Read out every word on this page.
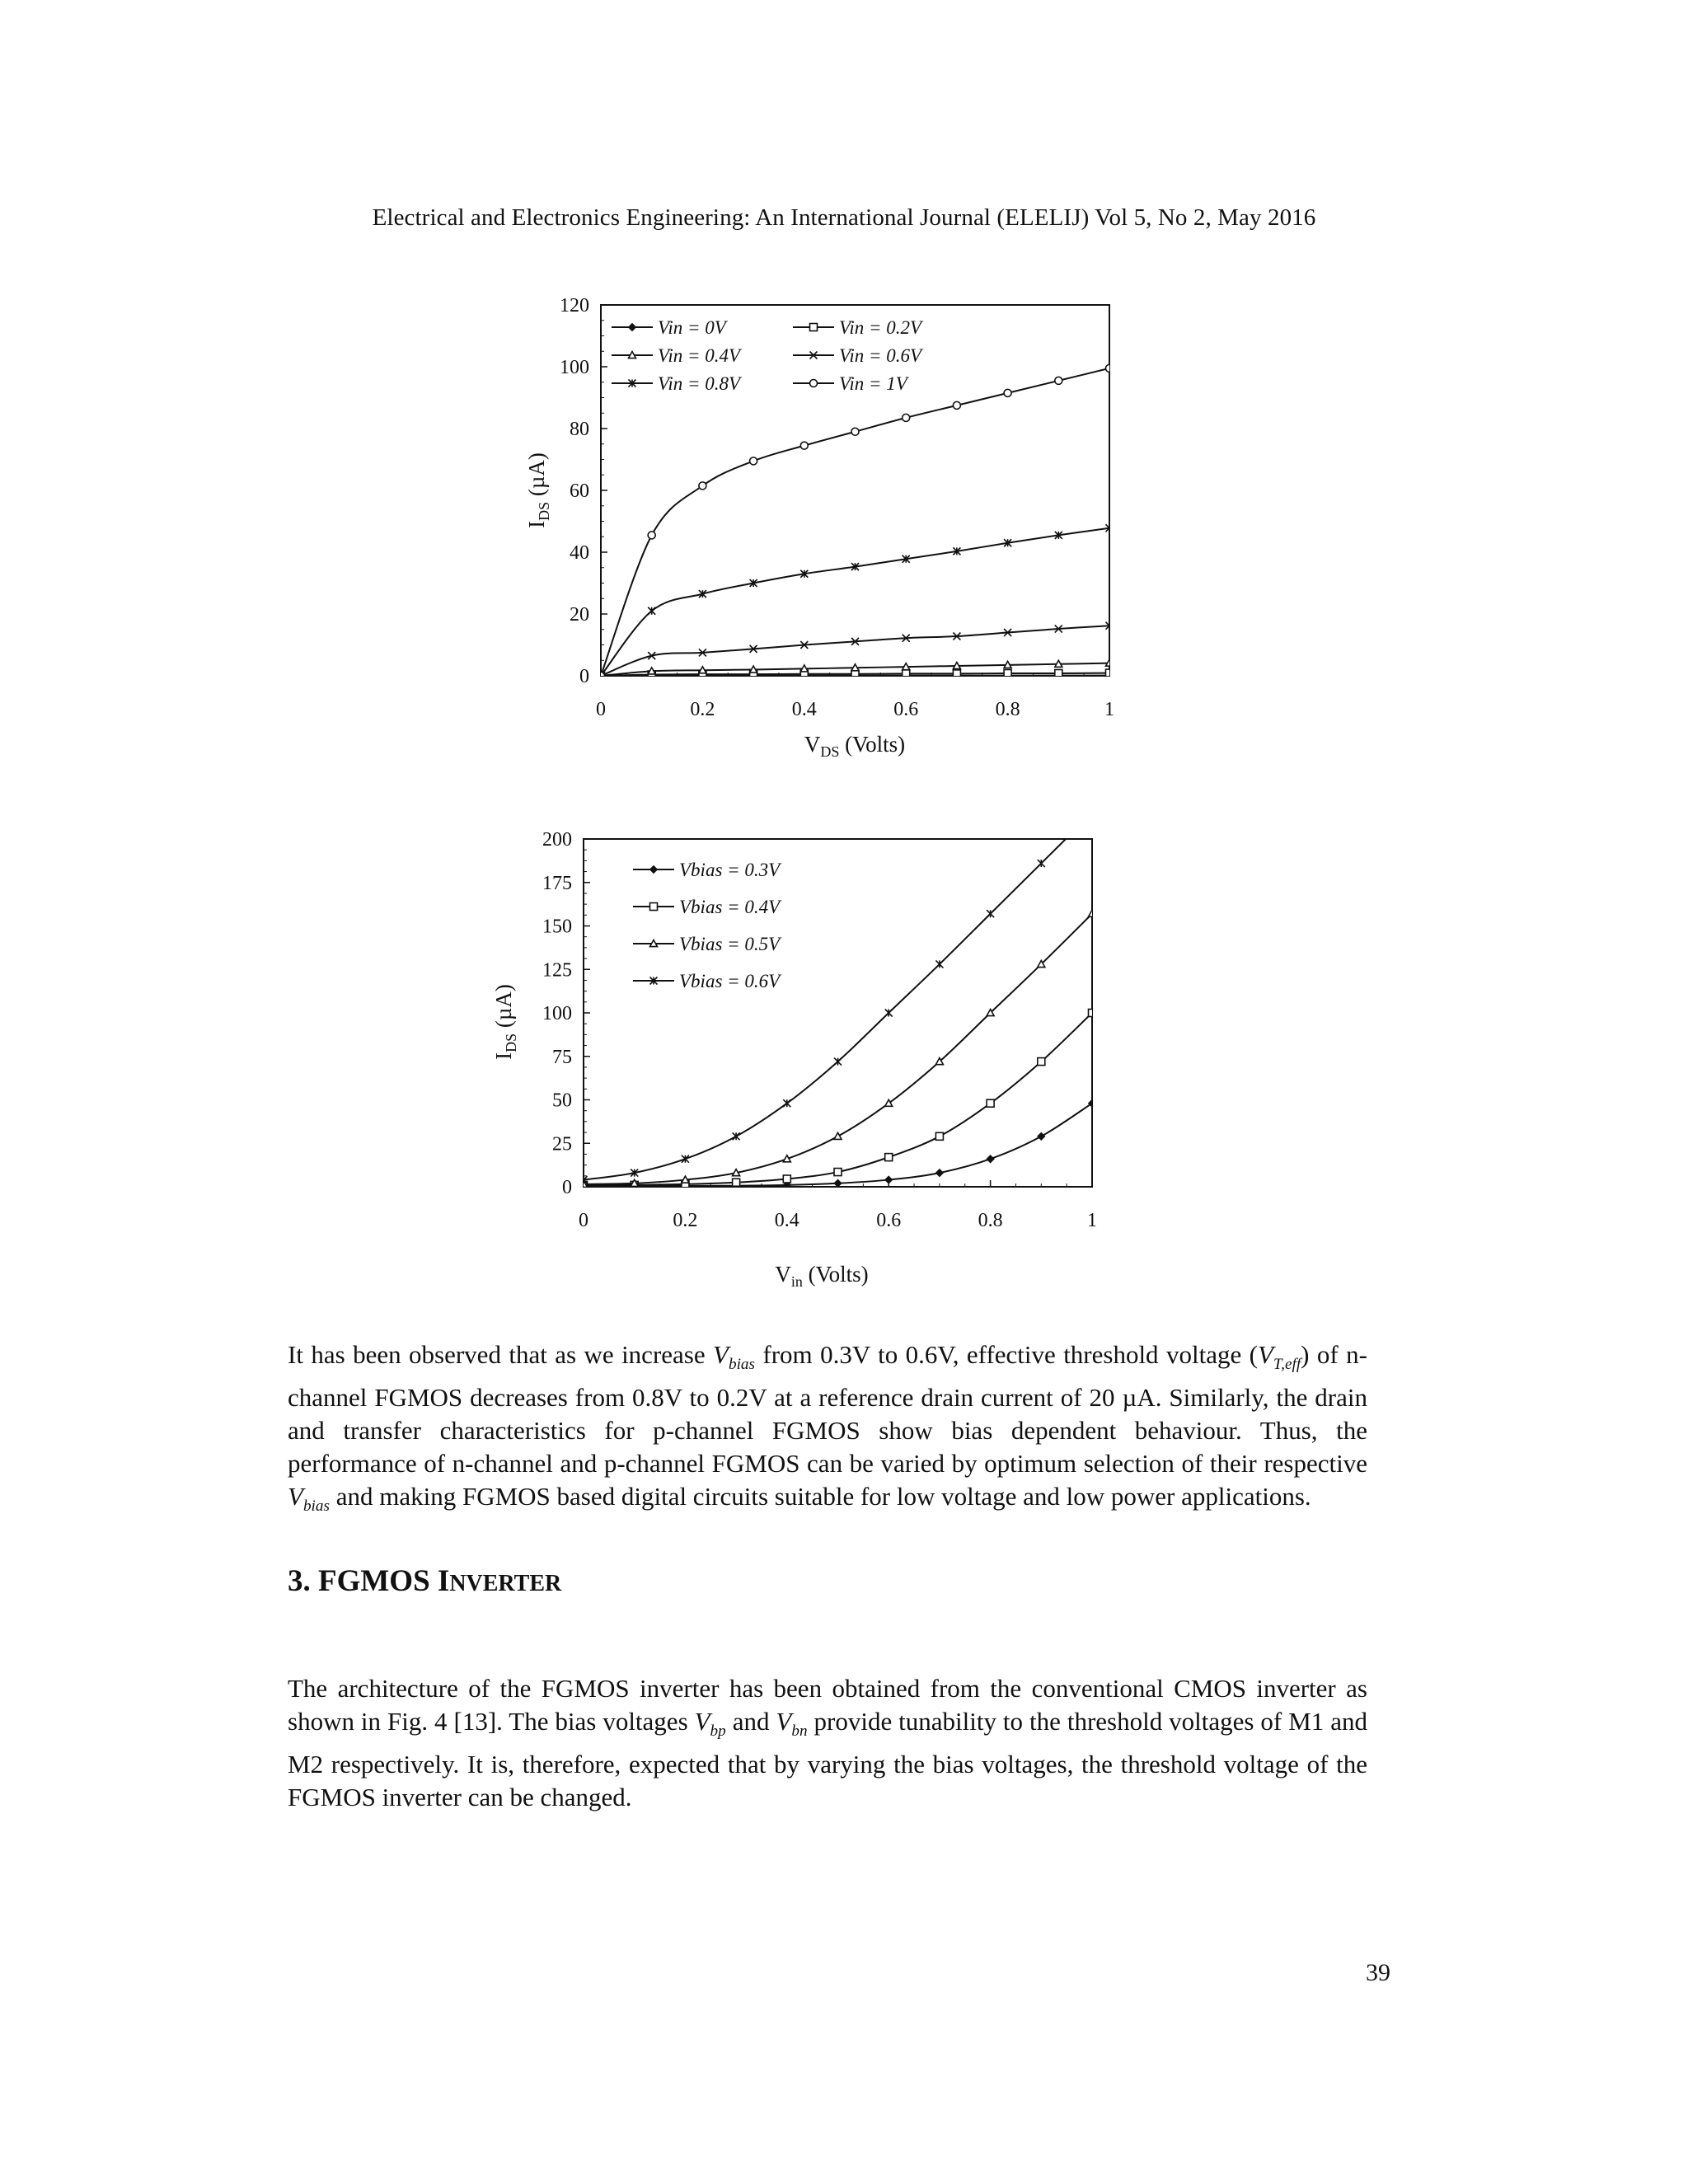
Electrical and Electronics Engineering: An International Journal (ELELIJ) Vol 5, No 2, May 2016
0
20
40
60
80
100
120
0	0.2	0.4	0.6	0.8	1
Vin = 0V	Vin = 0.2V
Vin = 0.4V	Vin = 0.6V
Vin = 0.8V	Vin = 1V
$V_{DS}$ (Volts)
$I_{DS}$ (µA)
0
25
50
75
100
125
150
175
200
0	0.2	0.4	0.6	0.8	1
Vbias = 0.3V
Vbias = 0.4V
Vbias = 0.5V
Vbias = 0.6V
$V_{in}$ (Volts)
$I_{DS}$ (µA)

It has been observed that as we increase $V_{bias}$ from 0.3V to 0.6V, effective threshold voltage $(V_{T,eff})$ of n-channel FGMOS decreases from 0.8V to 0.2V at a reference drain current of 20 µA. Similarly, the drain and transfer characteristics for p-channel FGMOS show bias dependent behaviour. Thus, the performance of n-channel and p-channel FGMOS can be varied by optimum selection of their respective $V_{bias}$ and making FGMOS based digital circuits suitable for low voltage and low power applications.

3. FGMOS INVERTER

The architecture of the FGMOS inverter has been obtained from the conventional CMOS inverter as shown in Fig. 4 [13]. The bias voltages $V_{bp}$ and $V_{bn}$ provide tunability to the threshold voltages of M1 and M2 respectively. It is, therefore, expected that by varying the bias voltages, the threshold voltage of the FGMOS inverter can be changed.

39
